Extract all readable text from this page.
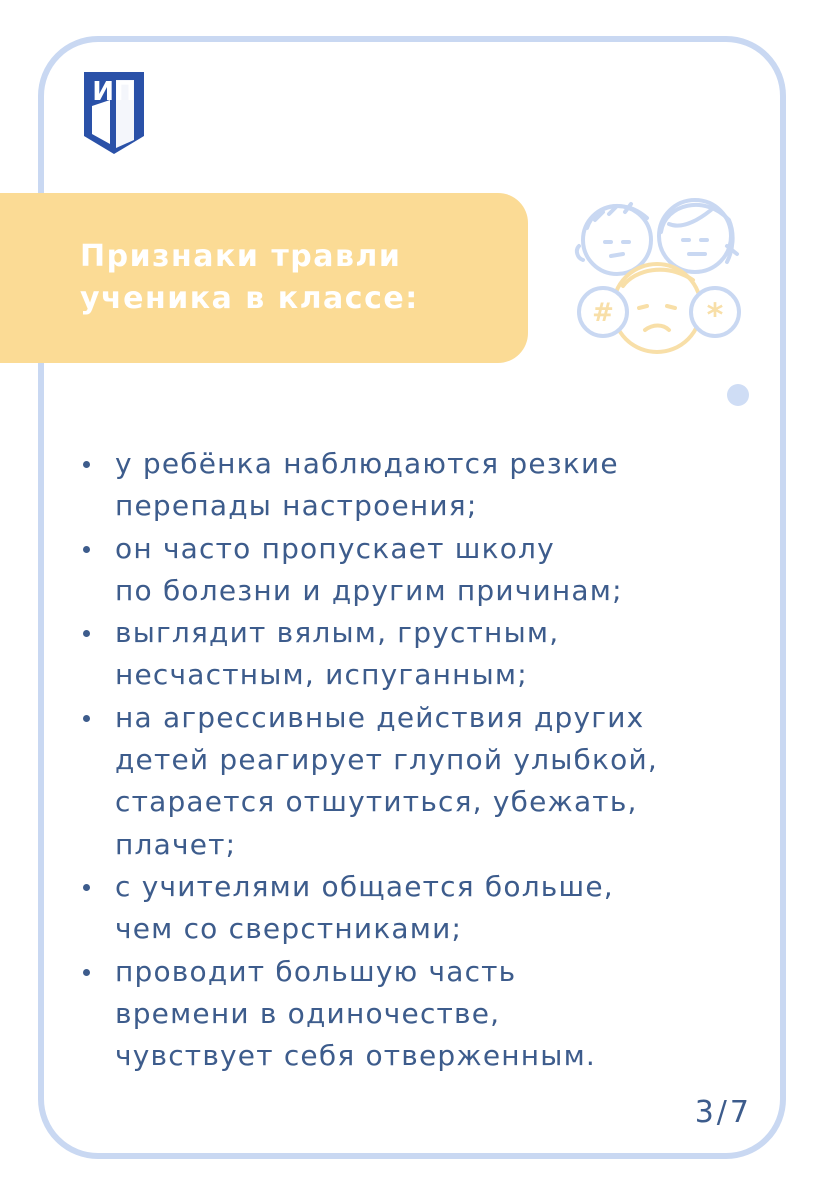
ИП
Признаки травли
ученика в классе:	#	*
у ребёнка наблюдаются резкие
перепады настроения;
он часто пропускает школу
по болезни и другим причинам;
выглядит вялым, грустным,
несчастным, испуганным;
на агрессивные действия других
детей реагирует глупой улыбкой,
старается отшутиться, убежать,
плачет;
с учителями общается больше,
чем со сверстниками;
проводит большую часть
времени в одиночестве,
чувствует себя отверженным.
3/7
